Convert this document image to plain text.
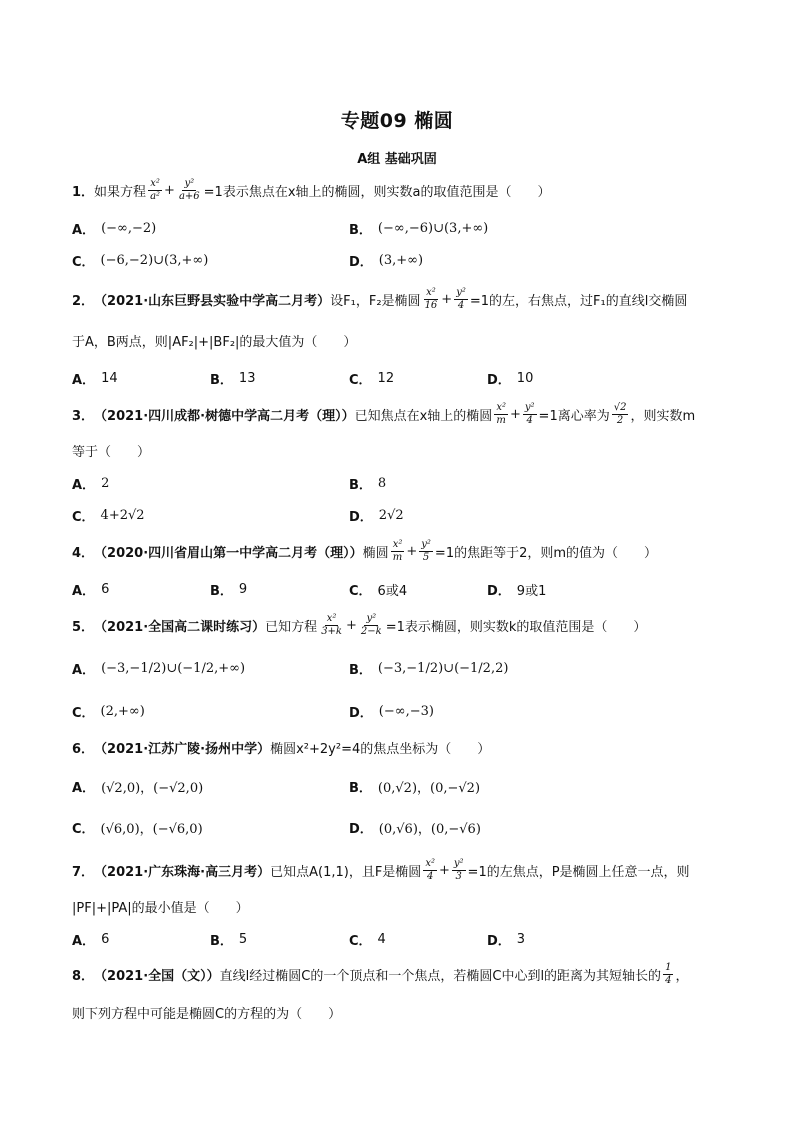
专题09 椭圆
A组 基础巩固
1． 如果方程 $\frac{\text{x²}}{\text{a²}} + \frac{\text{y²}}{a+6} =1$表示焦点在x轴上的椭圆，则实数a的取值范围是（　　）
A． (−∞,−2)	B． (−∞,−6)∪(3,+∞)
C． (−6,−2)∪(3,+∞)	D． (3,+∞)
2． （2021·山东巨野县实验中学高二月考） 设F₁，F₂是椭圆 $\frac{\text{x²}}{16} + \frac{\text{y²}}{4} =1$的左，右焦点，过F₁的直线l交椭圆
于A，B两点，则|AF₂|+|BF₂|的最大值为（　　）
A． 14	B． 13	C． 12	D． 10
3． （2021·四川成都·树德中学高二月考（理）） 已知焦点在x轴上的椭圆 $\frac{\text{x²}}{m} + \frac{\text{y²}}{4} =1$离心率为 $\frac{√2}{2}$ ，则实数m
等于（　　）
A． 2	B． 8
C． 4+2√2	D． 2√2
4． （2020·四川省眉山第一中学高二月考（理）） 椭圆 $\frac{\text{x²}}{m} + \frac{\text{y²}}{5} =1$的焦距等于2，则m的值为（　　）
A． 6	B． 9	C． 6或4	D． 9或1
5． （2021·全国高二课时练习） 已知方程 $\frac{\text{x²}}{3+k} + \frac{\text{y²}}{2-k} =1$表示椭圆，则实数k的取值范围是（　　）
A． (−3,−1/2)∪(−1/2,+∞)	B． (−3,−1/2)∪(−1/2,2)
C． (2,+∞)	D． (−∞,−3)
6． （2021·江苏广陵·扬州中学） 椭圆x²+2y²=4的焦点坐标为（　　）
A． (√2,0)，(−√2,0)	B． (0,√2)，(0,−√2)
C． (√6,0)，(−√6,0)	D． (0,√6)，(0,−√6)
7． （2021·广东珠海·高三月考） 已知点A(1,1)，且F是椭圆 $\frac{\text{x²}}{4} + \frac{\text{y²}}{3} =1$的左焦点，P是椭圆上任意一点，则
|PF|+|PA|的最小值是（　　）
A． 6	B． 5	C． 4	D． 3
8． （2021·全国（文）） 直线l经过椭圆C的一个顶点和一个焦点，若椭圆C中心到l的距离为其短轴长的 $\frac{1}{4}$ ，
则下列方程中可能是椭圆C的方程的为（　　）
